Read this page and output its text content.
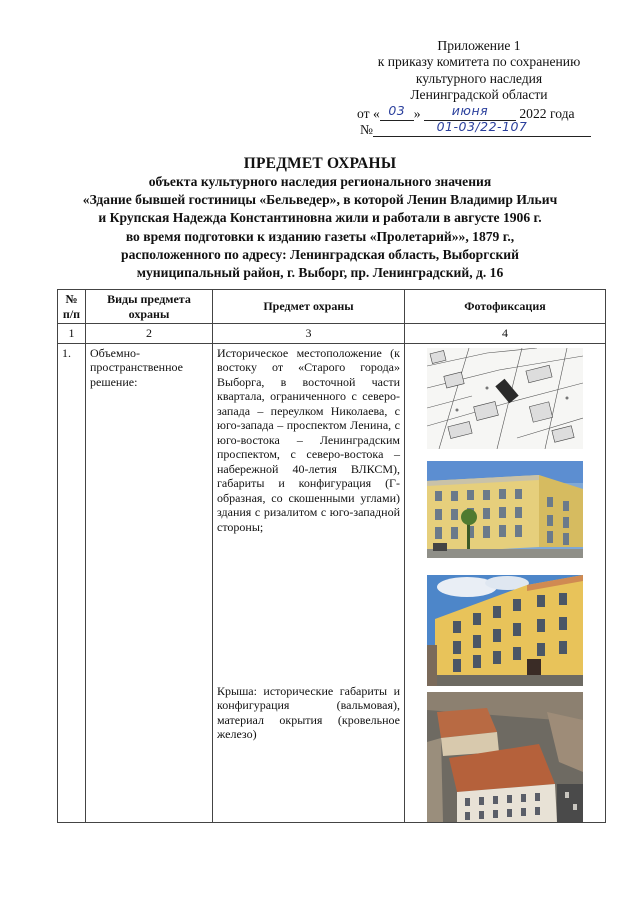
Приложение 1
к приказу комитета по сохранению
культурного наследия
Ленинградской области
от « 03 » июня 2022 года
№	01-03/22-107
ПРЕДМЕТ ОХРАНЫ
объекта культурного наследия регионального значения
«Здание бывшей гостиницы «Бельведер», в которой Ленин Владимир Ильич
и Крупская Надежда Константиновна жили и работали в августе 1906 г.
во время подготовки к изданию газеты «Пролетарий»», 1879 г.,
расположенного по адресу: Ленинградская область, Выборгский
муниципальный район, г. Выборг, пр. Ленинградский, д. 16
№ п/п	Виды предмета охраны	Предмет охраны	Фотофиксация
1	2	3	4
1.	Объемно-пространственное решение:	Историческое местоположение (к востоку от «Старого города» Выборга, в восточной части квартала, ограниченного с северо-запада – переулком Николаева, с юго-запада – проспектом Ленина, с юго-востока – Ленинградским проспектом, с северо-востока – набережной 40-летия ВЛКСМ), габариты и конфигурация (Г-образная, со скошенными углами) здания с ризалитом с юго-западной стороны;
Крыша: исторические габариты и конфигурация (вальмовая), материал окрытия (кровельное железо)
